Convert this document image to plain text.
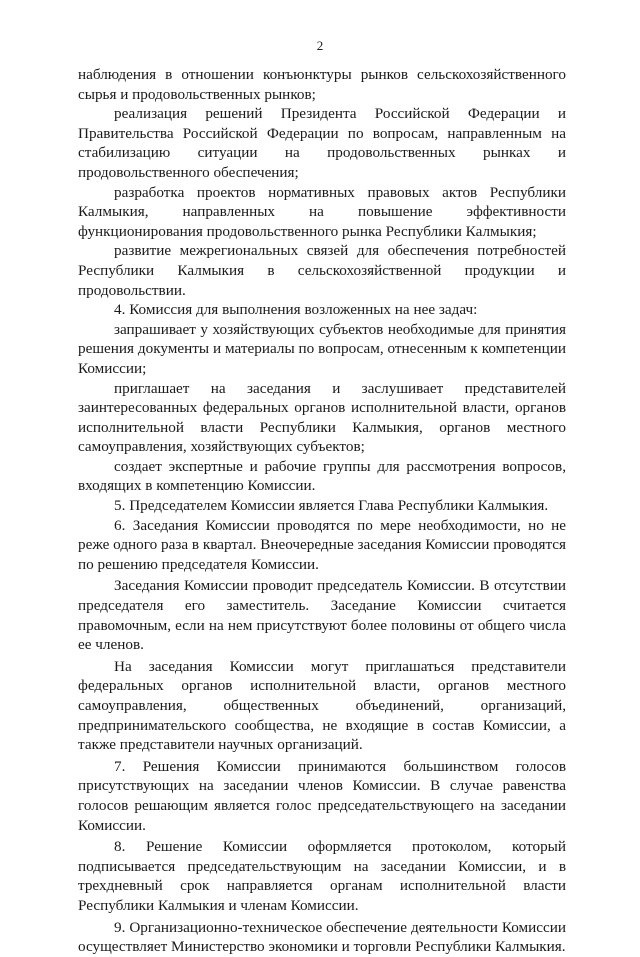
2

наблюдения в отношении конъюнктуры рынков сельскохозяйственного сырья и продовольственных рынков;

реализация решений Президента Российской Федерации и Правительства Российской Федерации по вопросам, направленным на стабилизацию ситуации на продовольственных рынках и продовольственного обеспечения;

разработка проектов нормативных правовых актов Республики Калмыкия, направленных на повышение эффективности функционирования продовольственного рынка Республики Калмыкия;

развитие межрегиональных связей для обеспечения потребностей Республики Калмыкия в сельскохозяйственной продукции и продовольствии.

4. Комиссия для выполнения возложенных на нее задач:

запрашивает у хозяйствующих субъектов необходимые для принятия решения документы и материалы по вопросам, отнесенным к компетенции Комиссии;

приглашает на заседания и заслушивает представителей заинтересованных федеральных органов исполнительной власти, органов исполнительной власти Республики Калмыкия, органов местного самоуправления, хозяйствующих субъектов;

создает экспертные и рабочие группы для рассмотрения вопросов, входящих в компетенцию Комиссии.

5. Председателем Комиссии является Глава Республики Калмыкия.

6. Заседания Комиссии проводятся по мере необходимости, но не реже одного раза в квартал. Внеочередные заседания Комиссии проводятся по решению председателя Комиссии.

Заседания Комиссии проводит председатель Комиссии. В отсутствии председателя его заместитель. Заседание Комиссии считается правомочным, если на нем присутствуют более половины от общего числа ее членов.

На заседания Комиссии могут приглашаться представители федеральных органов исполнительной власти, органов местного самоуправления, общественных объединений, организаций, предпринимательского сообщества, не входящие в состав Комиссии, а также представители научных организаций.

7. Решения Комиссии принимаются большинством голосов присутствующих на заседании членов Комиссии. В случае равенства голосов решающим является голос председательствующего на заседании Комиссии.

8. Решение Комиссии оформляется протоколом, который подписывается председательствующим на заседании Комиссии, и в трехдневный срок направляется органам исполнительной власти Республики Калмыкия и членам Комиссии.

9. Организационно-техническое обеспечение деятельности Комиссии осуществляет Министерство экономики и торговли Республики Калмыкия.
